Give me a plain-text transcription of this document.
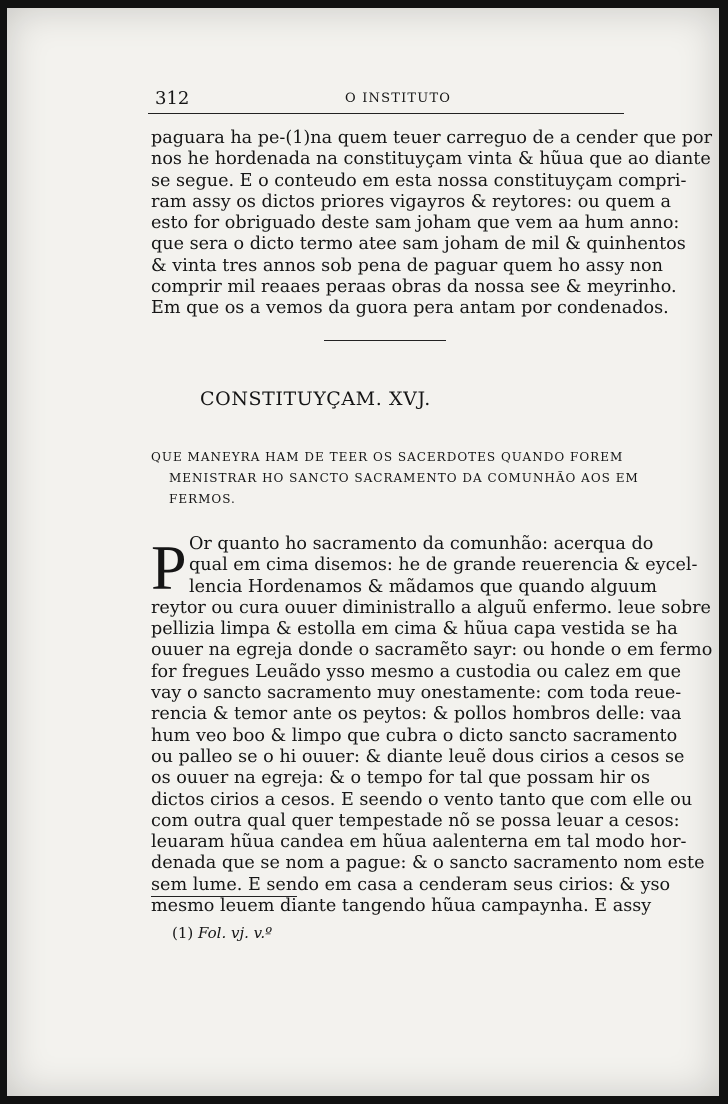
312	O INSTITUTO
paguara ha pe-(1)na quem teuer carreguo de a cender que por
nos he hordenada na constituyçam vinta & hũua que ao diante
se segue. E o conteudo em esta nossa constituyçam compri-
ram assy os dictos priores vigayros & reytores: ou quem a
esto for obriguado deste sam joham que vem aa hum anno:
que sera o dicto termo atee sam joham de mil & quinhentos
& vinta tres annos sob pena de paguar quem ho assy non
comprir mil reaaes peraas obras da nossa see & meyrinho.
Em que os a vemos da guora pera antam por condenados.
CONSTITUYÇAM. XVJ.
QUE MANEYRA HAM DE TEER OS SACERDOTES QUANDO FOREM
MENISTRAR HO SANCTO SACRAMENTO DA COMUNHÃO AOS EM
FERMOS.
P Or quanto ho sacramento da comunhão: acerqua do
qual em cima disemos: he de grande reuerencia & eycel-
lencia Hordenamos & mãdamos que quando alguum
reytor ou cura ouuer diministrallo a alguũ enfermo. leue sobre
pellizia limpa & estolla em cima & hũua capa vestida se ha
ouuer na egreja donde o sacramẽto sayr: ou honde o em fermo
for fregues Leuãdo ysso mesmo a custodia ou calez em que
vay o sancto sacramento muy onestamente: com toda reue-
rencia & temor ante os peytos: & pollos hombros delle: vaa
hum veo boo & limpo que cubra o dicto sancto sacramento
ou palleo se o hi ouuer: & diante leuẽ dous cirios a cesos se
os ouuer na egreja: & o tempo for tal que possam hir os
dictos cirios a cesos. E seendo o vento tanto que com elle ou
com outra qual quer tempestade nõ se possa leuar a cesos:
leuaram hũua candea em hũua aalenterna em tal modo hor-
denada que se nom a pague: & o sancto sacramento nom este
sem lume. E sendo em casa a cenderam seus cirios: & yso
mesmo leuem diante tangendo hũua campaynha. E assy
(1) Fol. vj. v.º
